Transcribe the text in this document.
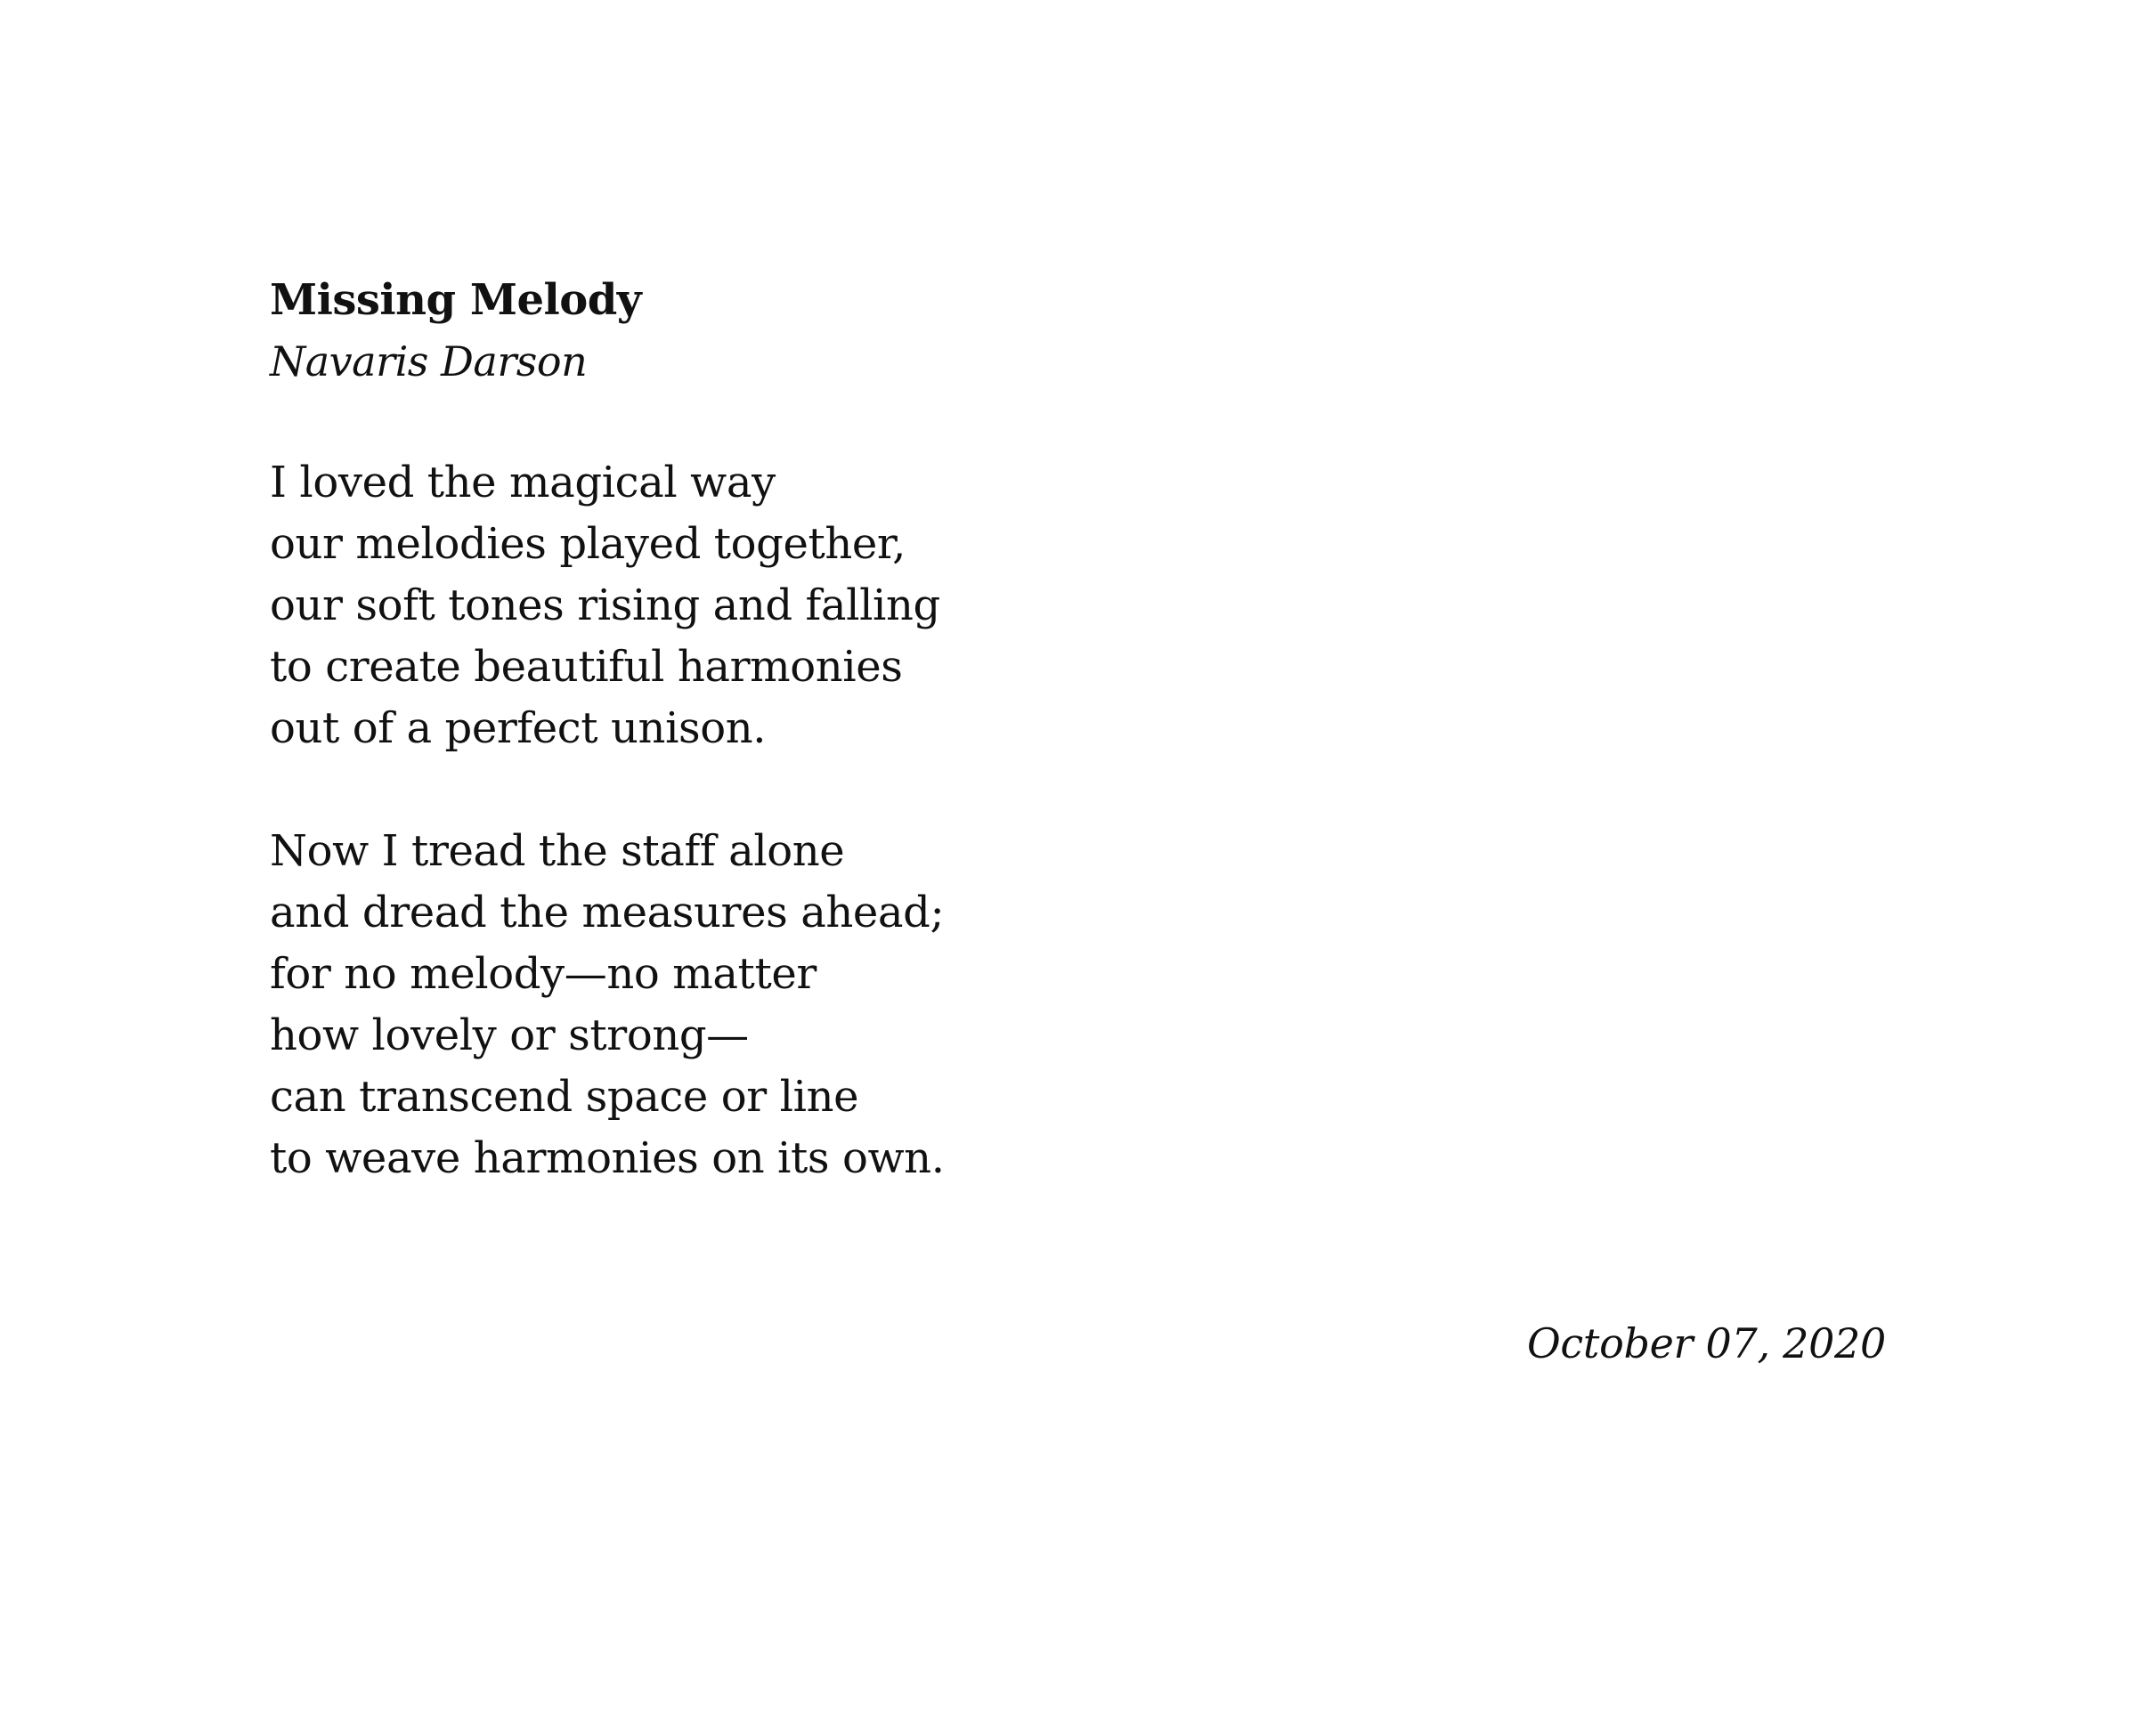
Missing Melody

Navaris Darson

I loved the magical way
our melodies played together,
our soft tones rising and falling
to create beautiful harmonies
out of a perfect unison.

Now I tread the staff alone
and dread the measures ahead;
for no melody—no matter
how lovely or strong—
can transcend space or line
to weave harmonies on its own.

October 07, 2020
